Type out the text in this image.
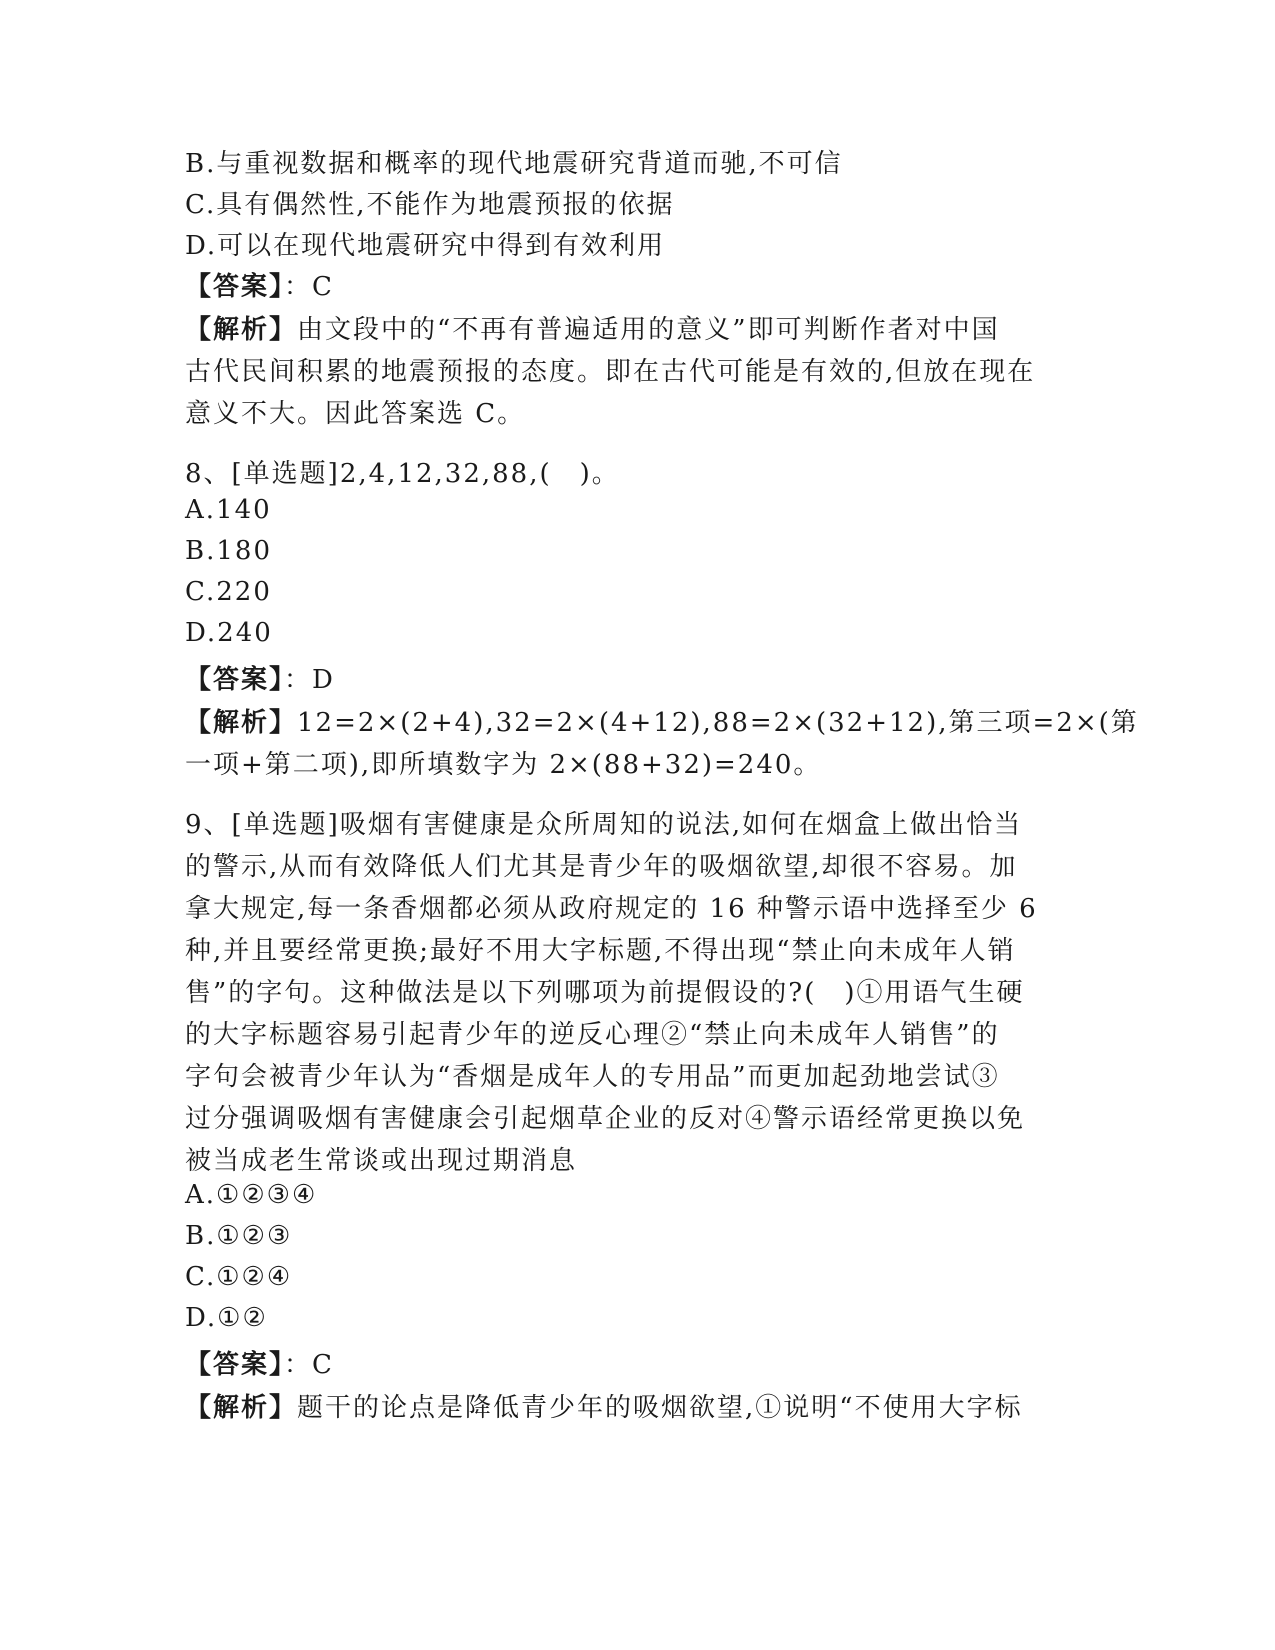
B.与重视数据和概率的现代地震研究背道而驰,不可信
C.具有偶然性,不能作为地震预报的依据
D.可以在现代地震研究中得到有效利用
【答案】：C
【解析】由文段中的“不再有普遍适用的意义”即可判断作者对中国
古代民间积累的地震预报的态度。即在古代可能是有效的,但放在现在
意义不大。因此答案选 C。
8、[单选题]2,4,12,32,88,(　)。
A.140
B.180
C.220
D.240
【答案】：D
【解析】12=2×(2+4),32=2×(4+12),88=2×(32+12),第三项=2×(第
一项+第二项),即所填数字为 2×(88+32)=240。
9、[单选题]吸烟有害健康是众所周知的说法,如何在烟盒上做出恰当
的警示,从而有效降低人们尤其是青少年的吸烟欲望,却很不容易。加
拿大规定,每一条香烟都必须从政府规定的 16 种警示语中选择至少 6
种,并且要经常更换;最好不用大字标题,不得出现“禁止向未成年人销
售”的字句。这种做法是以下列哪项为前提假设的?(　)①用语气生硬
的大字标题容易引起青少年的逆反心理②“禁止向未成年人销售”的
字句会被青少年认为“香烟是成年人的专用品”而更加起劲地尝试③
过分强调吸烟有害健康会引起烟草企业的反对④警示语经常更换以免
被当成老生常谈或出现过期消息
A.①②③④
B.①②③
C.①②④
D.①②
【答案】：C
【解析】题干的论点是降低青少年的吸烟欲望,①说明“不使用大字标
